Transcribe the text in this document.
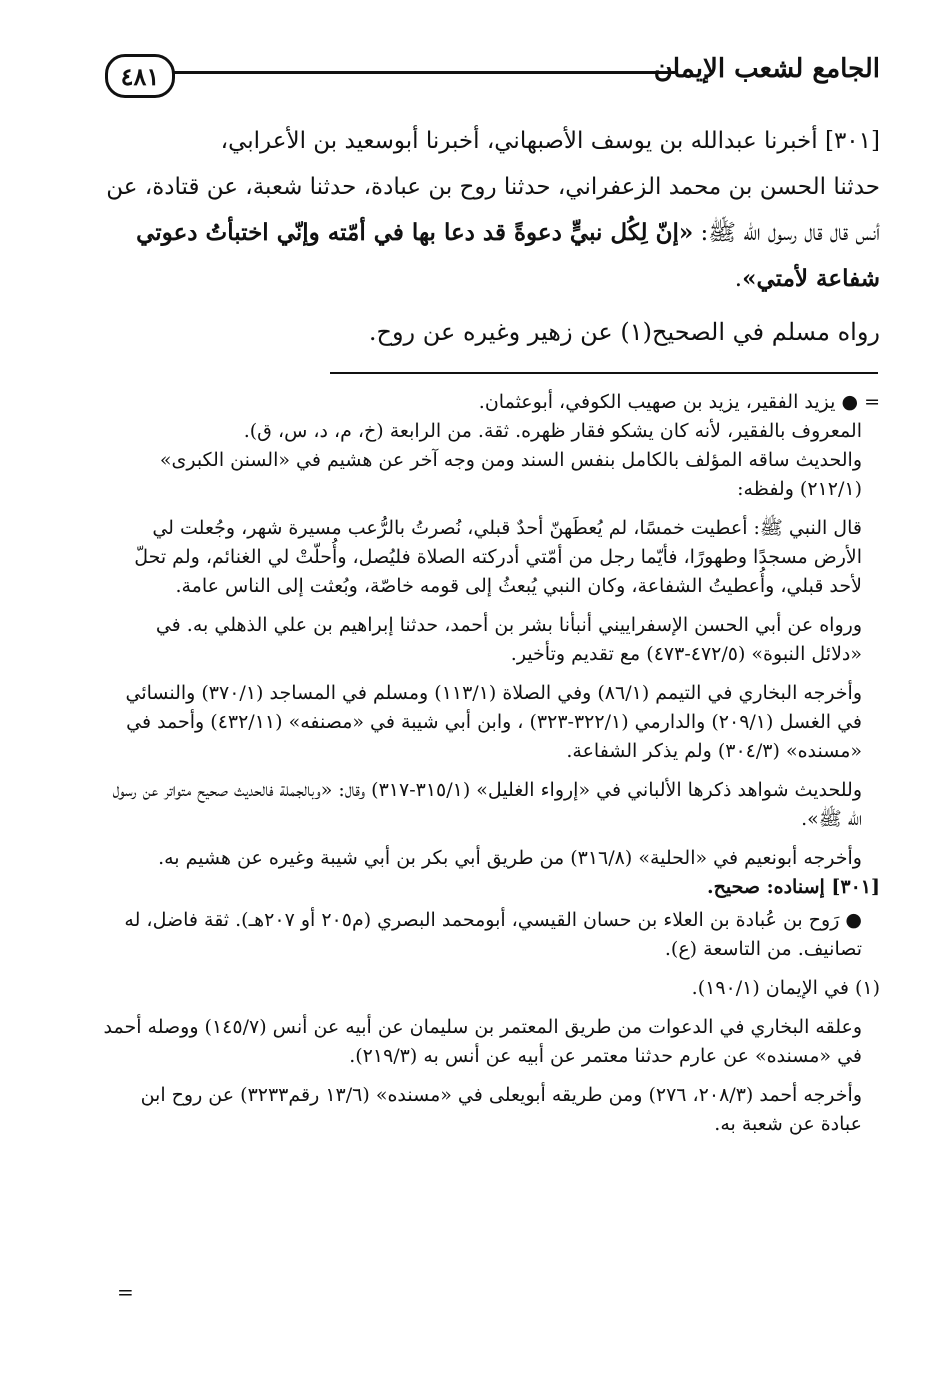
٤٨١	الجامع لشعب الإيمان

[٣٠١] أخبرنا عبدالله بن يوسف الأصبهاني، أخبرنا أبوسعيد بن الأعرابي،

حدثنا الحسن بن محمد الزعفراني، حدثنا روح بن عبادة، حدثنا شعبة، عن قتادة، عن

أنس قال قال رسول الله ﷺ: «إنّ لِكُل نبيٍّ دعوةً قد دعا بها في أمّته وإنّي اختبأتُ دعوتي

شفاعة لأمتي».

رواه مسلم في الصحيح(١) عن زهير وغيره عن روح.
= ● يزيد الفقير، يزيد بن صهيب الكوفي، أبوعثمان.
المعروف بالفقير، لأنه كان يشكو فقار ظهره. ثقة. من الرابعة (خ، م، د، س، ق).
والحديث ساقه المؤلف بالكامل بنفس السند ومن وجه آخر عن هشيم في «السنن الكبرى» (٢١٢/١) ولفظه:
قال النبي ﷺ: أعطيت خمسًا، لم يُعطَهنّ أحدٌ قبلي، نُصرتُ بالرُّعب مسيرة شهر، وجُعلت لي الأرض مسجدًا وطهورًا، فأيّما رجل من أمّتي أدركته الصلاة فليُصل، وأُحلّتْ لي الغنائم، ولم تحلّ لأحد قبلي، وأُعطيتُ الشفاعة، وكان النبي يُبعثُ إلى قومه خاصّة، وبُعثت إلى الناس عامة.
ورواه عن أبي الحسن الإسفراييني أنبأنا بشر بن أحمد، حدثنا إبراهيم بن علي الذهلي به. في «دلائل النبوة» (٤٧٢/٥-٤٧٣) مع تقديم وتأخير.
وأخرجه البخاري في التيمم (٨٦/١) وفي الصلاة (١١٣/١) ومسلم في المساجد (٣٧٠/١) والنسائي في الغسل (٢٠٩/١) والدارمي (٣٢٢/١-٣٢٣) ، وابن أبي شيبة في «مصنفه» (٤٣٢/١١) وأحمد في «مسنده» (٣٠٤/٣) ولم يذكر الشفاعة.
وللحديث شواهد ذكرها الألباني في «إرواء الغليل» (٣١٥/١-٣١٧) وقال: «وبالجملة فالحديث صحيح متواتر عن رسول الله ﷺ».
وأخرجه أبونعيم في «الحلية» (٣١٦/٨) من طريق أبي بكر بن أبي شيبة وغيره عن هشيم به.
[٣٠١] إسناده: صحيح.
● رَوح بن عُبادة بن العلاء بن حسان القيسي، أبومحمد البصري (م٢٠٥ أو ٢٠٧هـ). ثقة فاضل، له تصانيف. من التاسعة (ع).
(١) في الإيمان (١٩٠/١).
وعلقه البخاري في الدعوات من طريق المعتمر بن سليمان عن أبيه عن أنس (١٤٥/٧) ووصله أحمد في «مسنده» عن عارم حدثنا معتمر عن أبيه عن أنس به (٢١٩/٣).
وأخرجه أحمد (٢٠٨/٣، ٢٧٦) ومن طريقه أبويعلى في «مسنده» (١٣/٦ رقم٣٢٣٣) عن روح ابن عبادة عن شعبة به.
=
